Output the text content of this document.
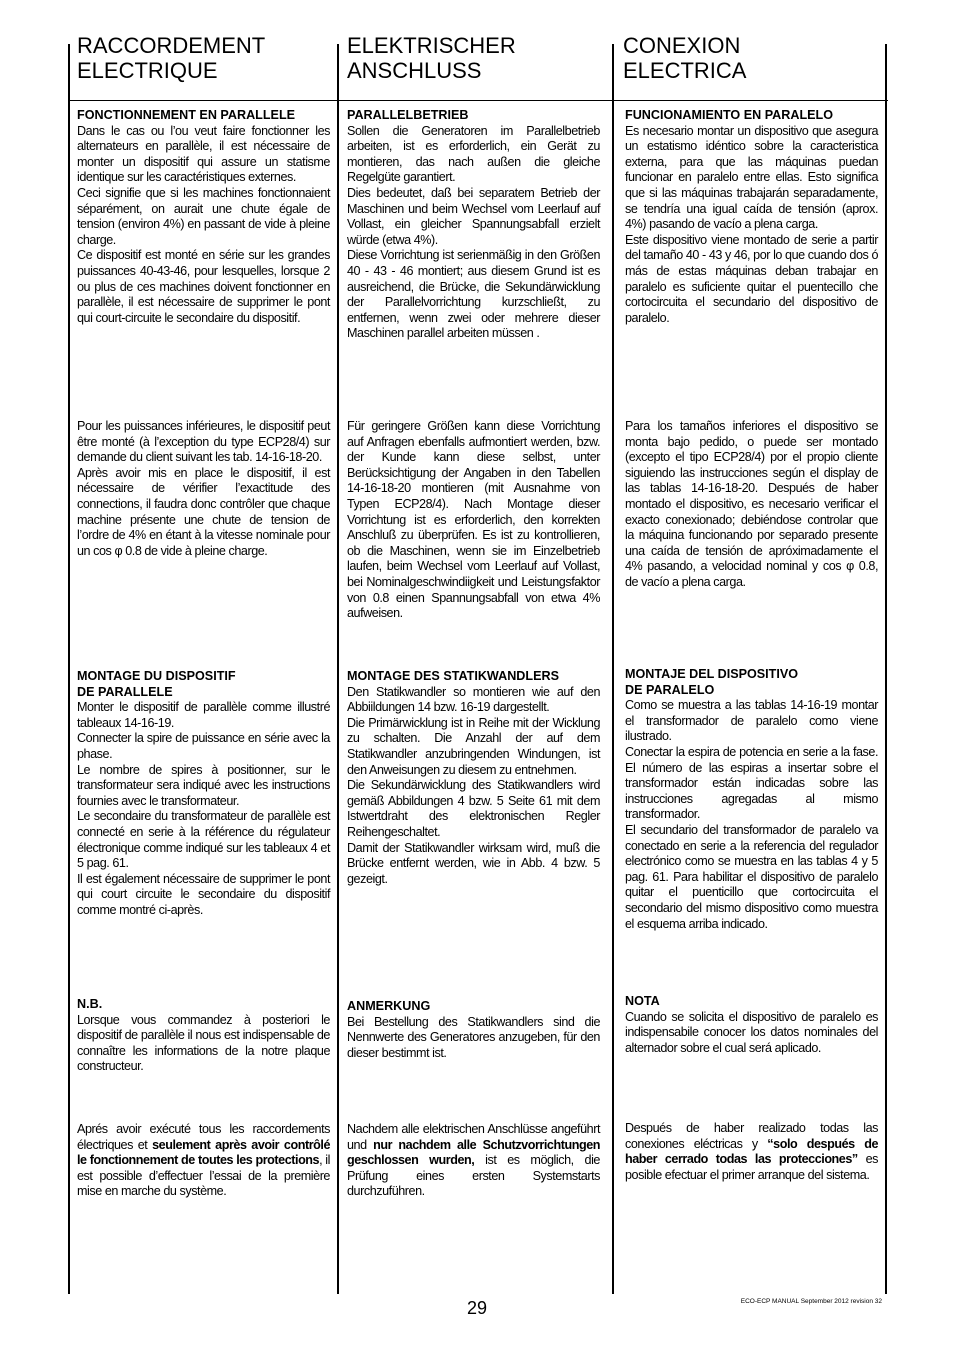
RACCORDEMENT
ELECTRIQUE
ELEKTRISCHER
ANSCHLUSS
CONEXION
ELECTRICA
FONCTIONNEMENT EN PARALLELE
Dans le cas ou l’ou veut faire fonctionner les alternateurs en parallèle, il est nécessaire de monter un dispositif qui assure un statisme identique sur les caractéristiques externes.
Ceci signifie que si les machines fonctionnaient séparément, on aurait une chute égale de tension (environ 4%) en passant de vide à pleine charge.
Ce dispositif est monté en série sur les grandes puissances 40-43-46, pour lesquelles, lorsque 2 ou plus de ces machines doivent fonctionner en parallèle, il est nécessaire de supprimer le pont qui court-circuite le secondaire du dispositif.
Pour les puissances inférieures, le dispositif peut être monté (à l’exception du type ECP28/4) sur demande du client suivant les tab. 14-16-18-20.
Après avoir mis en place le dispositif, il est nécessaire de vérifier l’exactitude des connections, il faudra donc contrôler que chaque machine présente une chute de tension de l’ordre de 4% en étant à la vitesse nominale pour un cos φ 0.8 de vide à pleine charge.
MONTAGE DU DISPOSITIF
DE PARALLELE
Monter le dispositif de parallèle comme illustré tableaux 14-16-19.
Connecter la spire de puissance en série avec la phase.
Le nombre de spires à positionner, sur le transformateur sera indiqué avec les instructions fournies avec le transformateur.
Le secondaire du transformateur de parallèle est connecté en serie à la référence du régulateur électronique comme indiqué sur les tableaux 4 et 5 pag. 61.
Il est également nécessaire de supprimer le pont qui court circuite le secondaire du dispositif comme montré ci-après.
N.B.
Lorsque vous commandez à posteriori le dispositif de parallèle il nous est indispensable de connaître les informations de la notre plaque constructeur.
Aprés avoir exécuté tous les raccordements électriques et seulement après avoir contrôlé le fonctionnement de toutes les protections, il est possible d’effectuer l’essai de la première mise en marche du système.
PARALLELBETRIEB
Sollen die Generatoren im Parallelbetrieb arbeiten, ist es erforderlich, ein Gerät zu montieren, das nach außen die gleiche Regelgüte garantiert.
Dies bedeutet, daß bei separatem Betrieb der Maschinen und beim Wechsel vom Leerlauf auf Vollast, ein gleicher Spannungsabfall erzielt würde (etwa 4%).
Diese Vorrichtung ist serienmäßig in den Größen 40 - 43 - 46 montiert; aus diesem Grund ist es ausreichend, die Brücke, die Sekundärwicklung der Parallelvorrichtung kurzschließt, zu entfernen, wenn zwei oder mehrere dieser Maschinen parallel arbeiten müssen .
Für geringere Größen kann diese Vorrichtung auf Anfragen ebenfalls aufmontiert werden, bzw. der Kunde kann diese selbst, unter Berücksichtigung der Angaben in den Tabellen 14-16-18-20 montieren (mit Ausnahme von Typen ECP28/4). Nach Montage dieser Vorrichtung ist es erforderlich, den korrekten Anschluß zu überprüfen. Es ist zu kontrollieren, ob die Maschinen, wenn sie im Einzelbetrieb laufen, beim Wechsel vom Leerlauf auf Vollast, bei Nominalgeschwindiigkeit und Leistungsfaktor von 0.8 einen Spannungsabfall von etwa 4% aufweisen.
MONTAGE DES STATIKWANDLERS
Den Statikwandler so montieren wie auf den Abbiildungen 14 bzw. 16-19 dargestellt.
Die Primärwicklung ist in Reihe mit der Wicklung zu schalten. Die Anzahl der auf dem Statikwandler anzubringenden Windungen, ist den Anweisungen zu diesem zu entnehmen.
Die Sekundärwicklung des Statikwandlers wird gemäß Abbildungen 4 bzw. 5 Seite 61 mit dem Istwertdraht des elektronischen Regler Reihengeschaltet.
Damit der Statikwandler wirksam wird, muß die Brücke entfernt werden, wie in Abb. 4 bzw. 5 gezeigt.
ANMERKUNG
Bei Bestellung des Statikwandlers sind die Nennwerte des Generatores anzugeben, für den dieser bestimmt ist.
Nachdem alle elektrischen Anschlüsse angeführt und nur nachdem alle Schutzvorrichtungen geschlossen wurden, ist es möglich, die Prüfung eines ersten Systemstarts durchzuführen.
FUNCIONAMIENTO EN PARALELO
Es necesario montar un dispositivo que asegura un estatismo idéntico sobre la caracteristica externa, para que las máquinas puedan funcionar en paralelo entre ellas. Esto significa que si las máquinas trabajarán separadamente, se tendría una igual caída de tensión (aprox. 4%) pasando de vacío a plena carga.
Este dispositivo viene montado de serie a partir del tamaño 40 - 43 y 46, por lo que cuando dos ó más de estas máquinas deban trabajar en paralelo es suficiente quitar el puentecillo che cortocircuita el secundario del dispositivo de paralelo.
Para los tamaños inferiores el dispositivo se monta bajo pedido, o puede ser montado (excepto el tipo ECP28/4) por el propio cliente siguiendo las instrucciones según el display de las tablas 14-16-18-20. Después de haber montado el dispositivo, es necesario verificar el exacto conexionado; debiéndose controlar que la máquina funcionando por separado presente una caída de tensión de apróximadamente el 4% pasando, a velocidad nominal y cos φ 0.8, de vacío a plena carga.
MONTAJE DEL DISPOSITIVO
DE PARALELO
Como se muestra a las tablas 14-16-19 montar el transformador de paralelo como viene ilustrado.
Conectar la espira de potencia en serie a la fase. El número de las espiras a insertar sobre el transformador están indicadas sobre las instrucciones agregadas al mismo transformador.
El secundario del transformador de paralelo va conectado en serie a la referencia del regulador electrónico como se muestra en las tablas 4 y 5 pag. 61. Para habilitar el dispositivo de paralelo quitar el puenticillo que cortocircuita el secondario del mismo dispositivo como muestra el esquema arriba indicado.
NOTA
Cuando se solicita el dispositivo de paralelo es indispensabile conocer los datos nominales del alternador sobre el cual será aplicado.
Después de haber realizado todas las conexiones eléctricas y “solo después de haber cerrado todas las protecciones” es posible efectuar el primer arranque del sistema.
29	ECO-ECP MANUAL September 2012 revision 32
